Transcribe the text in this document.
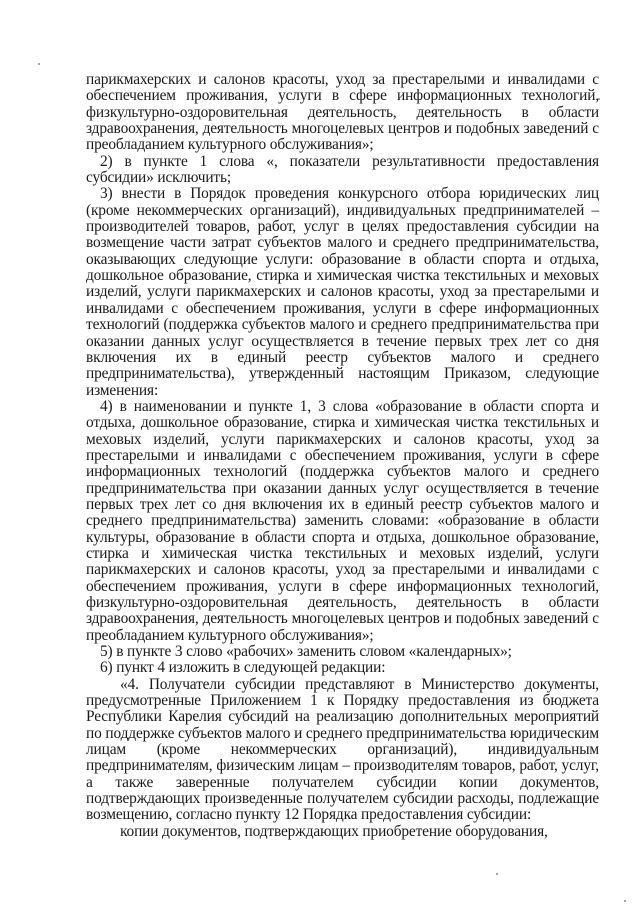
парикмахерских и салонов красоты, уход за престарелыми и инвалидами с обеспечением проживания, услуги в сфере информационных технологий, физкультурно-оздоровительная деятельность, деятельность в области здравоохранения, деятельность многоцелевых центров и подобных заведений с преобладанием культурного обслуживания»;

2) в пункте 1 слова «, показатели результативности предоставления субсидии» исключить;

3) внести в Порядок проведения конкурсного отбора юридических лиц (кроме некоммерческих организаций), индивидуальных предпринимателей – производителей товаров, работ, услуг в целях предоставления субсидии на возмещение части затрат субъектов малого и среднего предпринимательства, оказывающих следующие услуги: образование в области спорта и отдыха, дошкольное образование, стирка и химическая чистка текстильных и меховых изделий, услуги парикмахерских и салонов красоты, уход за престарелыми и инвалидами с обеспечением проживания, услуги в сфере информационных технологий (поддержка субъектов малого и среднего предпринимательства при оказании данных услуг осуществляется в течение первых трех лет со дня включения их в единый реестр субъектов малого и среднего предпринимательства), утвержденный настоящим Приказом, следующие изменения:

4) в наименовании и пункте 1, 3 слова «образование в области спорта и отдыха, дошкольное образование, стирка и химическая чистка текстильных и меховых изделий, услуги парикмахерских и салонов красоты, уход за престарелыми и инвалидами с обеспечением проживания, услуги в сфере информационных технологий (поддержка субъектов малого и среднего предпринимательства при оказании данных услуг осуществляется в течение первых трех лет со дня включения их в единый реестр субъектов малого и среднего предпринимательства) заменить словами: «образование в области культуры, образование в области спорта и отдыха, дошкольное образование, стирка и химическая чистка текстильных и меховых изделий, услуги парикмахерских и салонов красоты, уход за престарелыми и инвалидами с обеспечением проживания, услуги в сфере информационных технологий, физкультурно-оздоровительная деятельность, деятельность в области здравоохранения, деятельность многоцелевых центров и подобных заведений с преобладанием культурного обслуживания»;

5) в пункте 3 слово «рабочих» заменить словом «календарных»;

6) пункт 4 изложить в следующей редакции:

«4. Получатели субсидии представляют в Министерство документы, предусмотренные Приложением 1 к Порядку предоставления из бюджета Республики Карелия субсидий на реализацию дополнительных мероприятий по поддержке субъектов малого и среднего предпринимательства юридическим лицам (кроме некоммерческих организаций), индивидуальным предпринимателям, физическим лицам – производителям товаров, работ, услуг, а также заверенные получателем субсидии копии документов, подтверждающих произведенные получателем субсидии расходы, подлежащие возмещению, согласно пункту 12 Порядка предоставления субсидии:

копии документов, подтверждающих приобретение оборудования,
